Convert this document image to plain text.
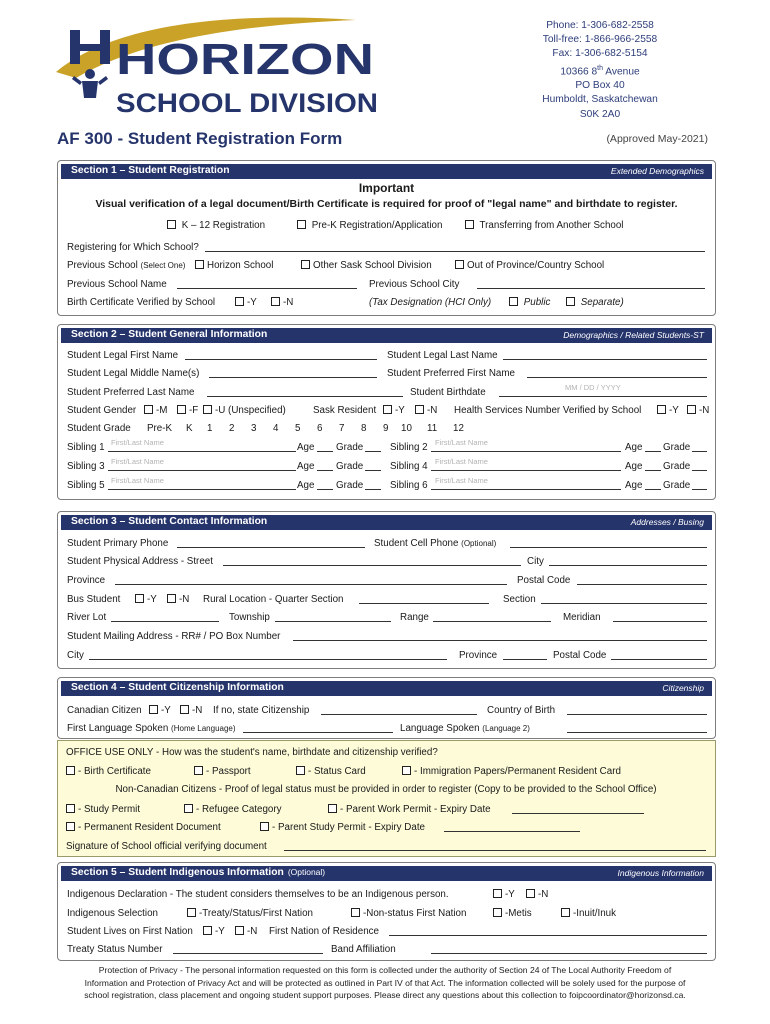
HORIZON
SCHOOL DIVISION
Phone: 1-306-682-2558
Toll-free: 1-866-966-2558
Fax: 1-306-682-5154
10366 8th Avenue
PO Box 40
Humboldt, Saskatchewan
S0K 2A0
AF 300 - Student Registration Form	(Approved May-2021)
Section 1 – Student Registration	Extended Demographics
Important
Visual verification of a legal document/Birth Certificate is required for proof of "legal name" and birthdate to register.
K – 12 Registration	Pre-K Registration/Application	Transferring from Another School
Registering for Which School?
Previous School (Select One)	Horizon School	Other Sask School Division	Out of Province/Country School
Previous School Name	Previous School City
Birth Certificate Verified by School	-Y	-N	(Tax Designation (HCI Only)	Public	Separate)
Section 2 – Student General Information	Demographics / Related Students-ST
Student Legal First Name	Student Legal Last Name
Student Legal Middle Name(s)	Student Preferred First Name
Student Preferred Last Name	Student Birthdate	MM / DD / YYYY
Student Gender	-M	-F	-U (Unspecified)	Sask Resident	-Y	-N Health Services Number Verified by School	-Y	-N
Student Grade Pre-K K 1 2 3 4 5 6 7 8 9 10 11 12
Sibling 1 First/Last Name	Age Grade	Sibling 2 First/Last Name	Age Grade
Sibling 3 First/Last Name	Age Grade	Sibling 4 First/Last Name	Age Grade
Sibling 5 First/Last Name	Age Grade	Sibling 6 First/Last Name	Age Grade
Section 3 – Student Contact Information	Addresses / Busing
Student Primary Phone	Student Cell Phone (Optional)
Student Physical Address - Street	City
Province	Postal Code
Bus Student	-Y	-N Rural Location - Quarter Section	Section
River Lot	Township	Range	Meridian
Student Mailing Address - RR# / PO Box Number
City	Province	Postal Code
Section 4 – Student Citizenship Information	Citizenship
Canadian Citizen	-Y	-N If no, state Citizenship	Country of Birth
First Language Spoken (Home Language)	Language Spoken (Language 2)
OFFICE USE ONLY - How was the student's name, birthdate and citizenship verified?
- Birth Certificate	- Passport	- Status Card	- Immigration Papers/Permanent Resident Card
Non-Canadian Citizens - Proof of legal status must be provided in order to register (Copy to be provided to the School Office)
- Study Permit	- Refugee Category	- Parent Work Permit - Expiry Date
- Permanent Resident Document	- Parent Study Permit - Expiry Date
Signature of School official verifying document
Section 5 – Student Indigenous Information (Optional)	Indigenous Information
Indigenous Declaration - The student considers themselves to be an Indigenous person.	-Y	-N
Indigenous Selection	-Treaty/Status/First Nation	-Non-status First Nation	-Metis	-Inuit/Inuk
Student Lives on First Nation	-Y	-N First Nation of Residence
Treaty Status Number	Band Affiliation
Protection of Privacy - The personal information requested on this form is collected under the authority of Section 24 of The Local Authority Freedom of
Information and Protection of Privacy Act and will be protected as outlined in Part IV of that Act. The information collected will be solely used for the purpose of
school registration, class placement and ongoing student support purposes. Please direct any questions about this collection to foipcoordinator@horizonsd.ca.
